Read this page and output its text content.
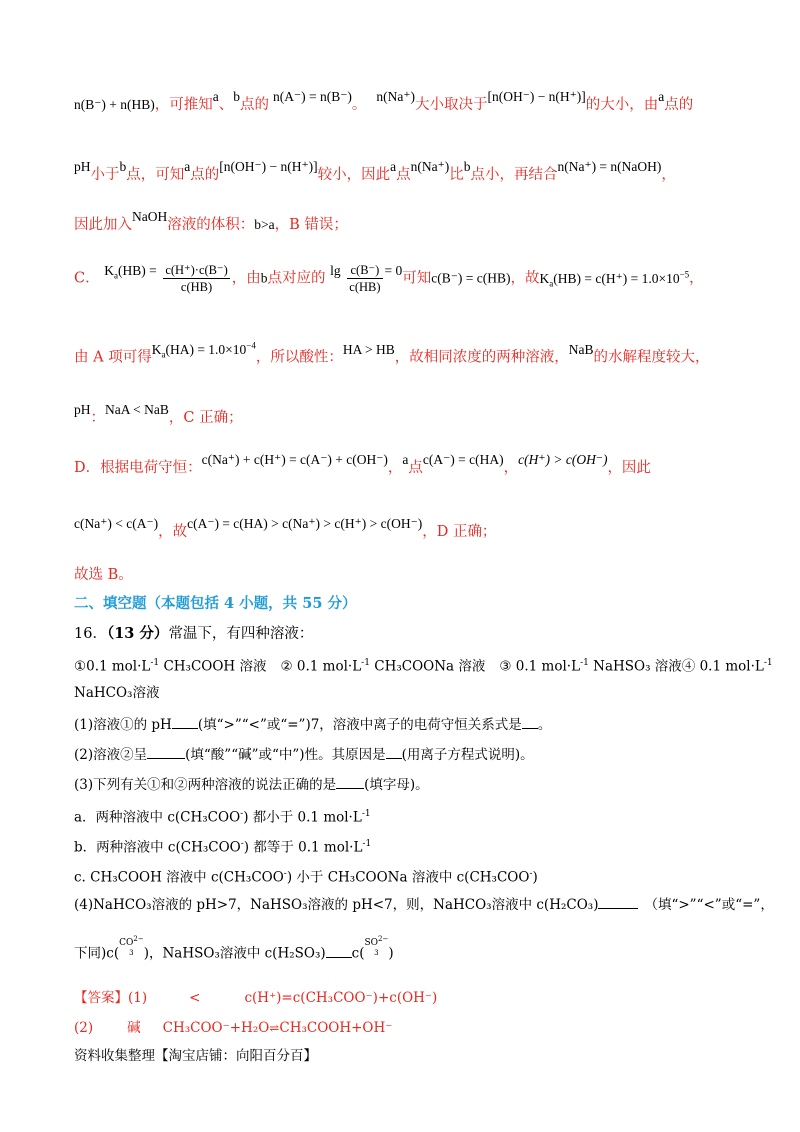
n(B⁻) + n(HB)，可推知a、b点的n(A⁻) = n(B⁻)。n(Na⁺)大小取决于[n(OH⁻) − n(H⁺)]的大小，由a点的
pH小于b点，可知a点的[n(OH⁻) − n(H⁺)]较小，因此a点n(Na⁺)比b点小，再结合n(Na⁺) = n(NaOH)，
因此加入NaOH溶液的体积：b>a，B 错误；
C． $K_a(HB) = \frac{c(H^+)\cdot c(B^-)}{c(HB)}$ ，由b点对应的 $\lg \frac{c(B^-)}{c(HB)} = 0$可知c(B⁻) = c(HB)，故$K_a(HB) = c(H^+) = 1.0\times 10^{-5}$，
由 A 项可得$K_a(HA) = 1.0\times 10^{-4}$，所以酸性：HA > HB，故相同浓度的两种溶液，NaB的水解程度较大，
pH：NaA < NaB，C 正确；
D．根据电荷守恒：c(Na⁺) + c(H⁺) = c(A⁻) + c(OH⁻)，a点c(A⁻) = c(HA)，c(H⁺) > c(OH⁻)，因此
c(Na⁺) < c(A⁻)，故c(A⁻) = c(HA) > c(Na⁺) > c(H⁺) > c(OH⁻)，D 正确；
故选 B。
二、填空题（本题包括 4 小题，共 55 分）
16．（13 分）常温下，有四种溶液：
①0.1 $mol\cdot L^{-1}$ CH₃COOH 溶液 ② 0.1 $mol\cdot L^{-1}$ CH₃COONa 溶液 ③ 0.1 $mol\cdot L^{-1}$ NaHSO₃ 溶液④ 0.1 $mol\cdot L^{-1}$
NaHCO₃溶液
(1)溶液①的 pH (填“>”“<”或“=”)7，溶液中离子的电荷守恒关系式是 。
(2)溶液②呈	(填“酸”“碱”或“中”)性。其原因是 (用离子方程式说明)。
(3)下列有关①和②两种溶液的说法正确的是 (填字母)。
a．两种溶液中 c(CH₃COO-) 都小于 0.1 $mol\cdot L^{-1}$
b．两种溶液中 c(CH₃COO-) 都等于 0.1 $mol\cdot L^{-1}$
c. CH₃COOH 溶液中 c(CH₃COO-) 小于 CH₃COONa 溶液中 c(CH₃COO-)
(4)NaHCO₃溶液的 pH>7，NaHSO₃溶液的 pH<7，则，NaHCO₃溶液中 c(H₂CO₃)	（填“>”“<”或“=”，
下同)$c(CO^{2-}$
3 )，NaHSO₃溶液中 c(H₂SO₃) $c(SO^{2-}$
3 )
【答案】(1)	<	c(H⁺)=c(CH₃COO⁻)+c(OH⁻)
(2)	碱 CH₃COO⁻+H₂O⇌CH₃COOH+OH⁻
资料收集整理【淘宝店铺：向阳百分百】
